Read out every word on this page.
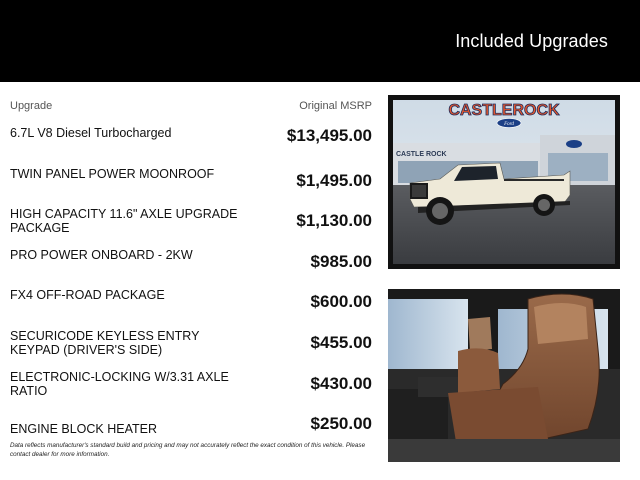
Included Upgrades
Upgrade	Original MSRP
6.7L V8 Diesel Turbocharged	$13,495.00
TWIN PANEL POWER MOONROOF	$1,495.00
HIGH CAPACITY 11.6" AXLE UPGRADE PACKAGE	$1,130.00
PRO POWER ONBOARD - 2KW	$985.00
FX4 OFF-ROAD PACKAGE	$600.00
SECURICODE KEYLESS ENTRY KEYPAD (DRIVER'S SIDE)	$455.00
ELECTRONIC-LOCKING W/3.31 AXLE RATIO	$430.00
ENGINE BLOCK HEATER	$250.00
Data reflects manufacturer's standard build and pricing and may not accurately reflect the exact condition of this vehicle. Please contact dealer for more information.
CASTLE ROCK
CASTLEROCK
Ford
